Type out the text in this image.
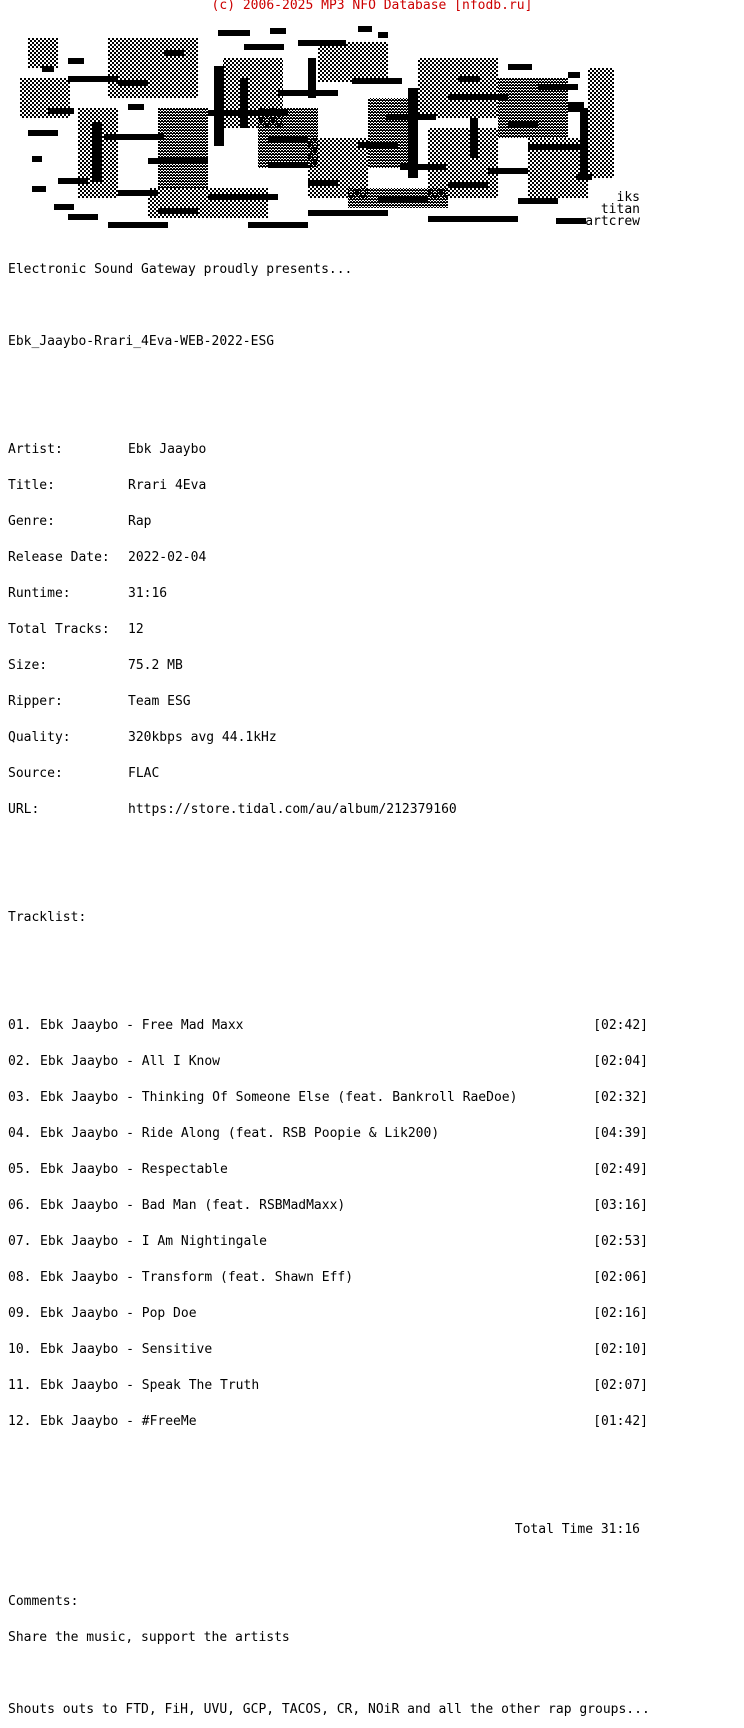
(c) 2006-2025 MP3 NFO Database [nfodb.ru]
iks
titan
artcrew

Electronic Sound Gateway proudly presents...

Ebk_Jaaybo-Rrari_4Eva-WEB-2022-ESG

Artist:	Ebk Jaaybo

Title:	Rrari 4Eva

Genre:	Rap

Release Date:	2022-02-04

Runtime:	31:16

Total Tracks:	12

Size:	75.2 MB

Ripper:	Team ESG

Quality:	320kbps avg 44.1kHz

Source:	FLAC

URL:	https://store.tidal.com/au/album/212379160

Tracklist:

01. Ebk Jaaybo - Free Mad Maxx	[02:42]

02. Ebk Jaaybo - All I Know	[02:04]

03. Ebk Jaaybo - Thinking Of Someone Else (feat. Bankroll RaeDoe)	[02:32]

04. Ebk Jaaybo - Ride Along (feat. RSB Poopie & Lik200)	[04:39]

05. Ebk Jaaybo - Respectable	[02:49]

06. Ebk Jaaybo - Bad Man (feat. RSBMadMaxx)	[03:16]

07. Ebk Jaaybo - I Am Nightingale	[02:53]

08. Ebk Jaaybo - Transform (feat. Shawn Eff)	[02:06]

09. Ebk Jaaybo - Pop Doe	[02:16]

10. Ebk Jaaybo - Sensitive	[02:10]

11. Ebk Jaaybo - Speak The Truth	[02:07]

12. Ebk Jaaybo - #FreeMe	[01:42]

Total Time 31:16

Comments:

Share the music, support the artists

Shouts outs to FTD, FiH, UVU, GCP, TACOS, CR, NOiR and all the other rap groups...
